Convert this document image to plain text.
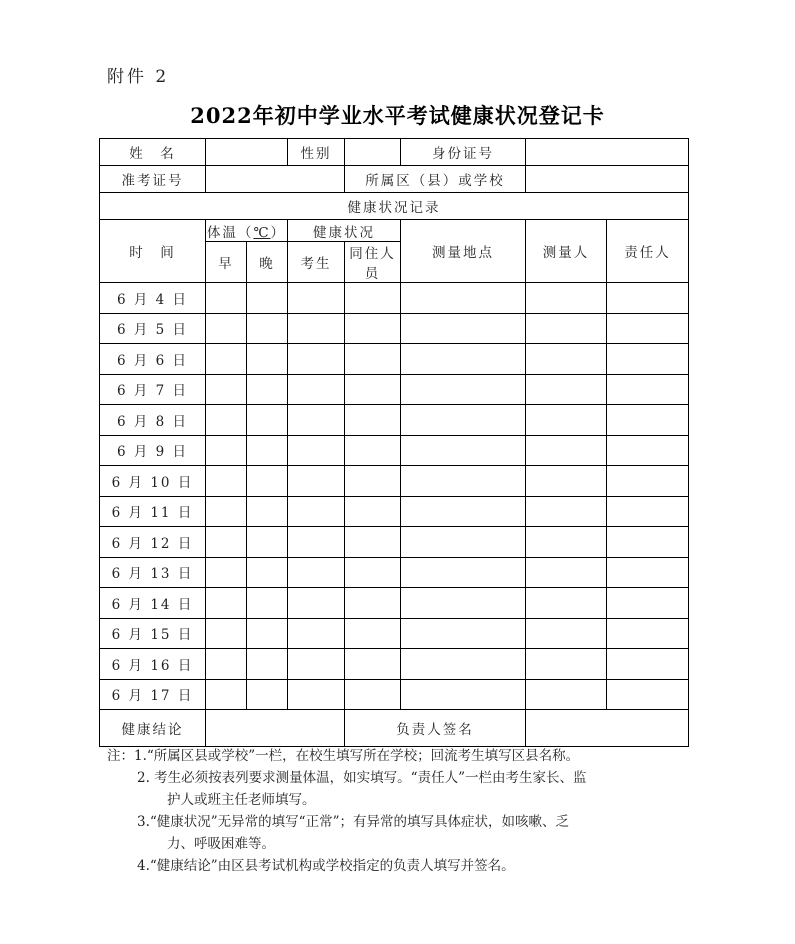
附件 2
2022年初中学业水平考试健康状况登记卡
姓　名			性别		身份证号		
准考证号				所属区（县）或学校			
健康状况记录							
时　间	体温（℃）		健康状况		测量地点	测量人	责任人
	早	晚	考生	同住人员			
6 月 4 日							
6 月 5 日							
6 月 6 日							
6 月 7 日							
6 月 8 日							
6 月 9 日							
6 月 10 日							
6 月 11 日							
6 月 12 日							
6 月 13 日							
6 月 14 日							
6 月 15 日							
6 月 16 日							
6 月 17 日							
健康结论				负责人签名			
注：1.“所属区县或学校”一栏，在校生填写所在学校；回流考生填写区县名称。
2. 考生必须按表列要求测量体温，如实填写。“责任人”一栏由考生家长、监
护人或班主任老师填写。
3.“健康状况”无异常的填写“正常”；有异常的填写具体症状，如咳嗽、乏
力、呼吸困难等。
4.“健康结论”由区县考试机构或学校指定的负责人填写并签名。
